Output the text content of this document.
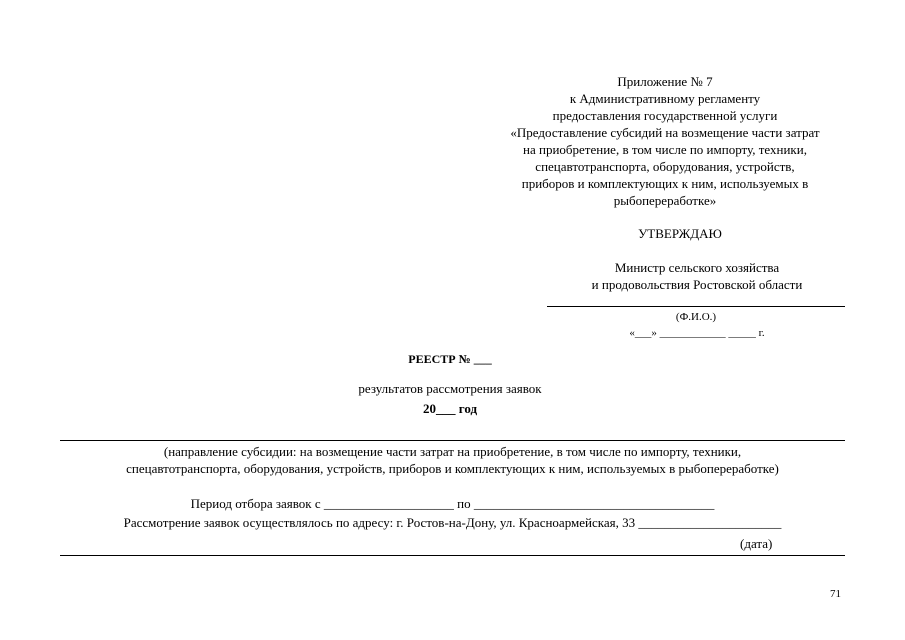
Приложение № 7
к Административному регламенту
предоставления государственной услуги
«Предоставление субсидий на возмещение части затрат
на приобретение, в том числе по импорту, техники,
спецавтотранспорта, оборудования, устройств,
приборов и комплектующих к ним, используемых в
рыбопереработке»
УТВЕРЖДАЮ
Министр сельского хозяйства
и продовольствия Ростовской области
(Ф.И.О.)
«___» ____________ _____ г.
РЕЕСТР № ___
результатов рассмотрения заявок
20___ год
(направление субсидии: на возмещение части затрат на приобретение, в том числе по импорту, техники,
спецавтотранспорта, оборудования, устройств, приборов и комплектующих к ним, используемых в рыбопереработке)
Период отбора заявок с ____________________ по _____________________________________
Рассмотрение заявок осуществлялось по адресу: г. Ростов-на-Дону, ул. Красноармейская, 33 ______________________
(дата)
71
